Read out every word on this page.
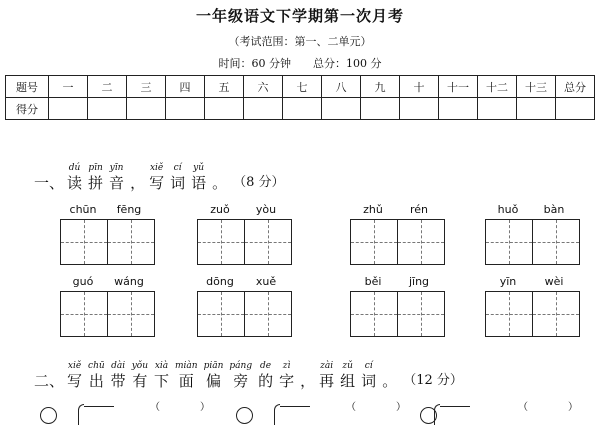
一年级语文下学期第一次月考
（考试范围：第一、二单元）
时间：60 分钟 总分：100 分
题号	一	二	三	四	五	六	七	八	九	十	十一	十二	十三	总分
得分														
一、
dú
读
pīn
拼
yīn
音 ，
xiě
写
cí
词
yǔ
语 。 （8 分）
chūn	fēng	zuǒ	yòu	zhǔ	rén	huǒ	bàn
guó	wáng	dōng	xuě	běi	jīng	yīn	wèi
二、
xiě
写
chū
出
dài
带
yǒu
有
xià
下
miàn
面
piān
偏
páng
旁
de
的
zì
字 ，
zài
再
zǔ
组
cí
词 。 （12 分）
（	）	（	）	（	）
